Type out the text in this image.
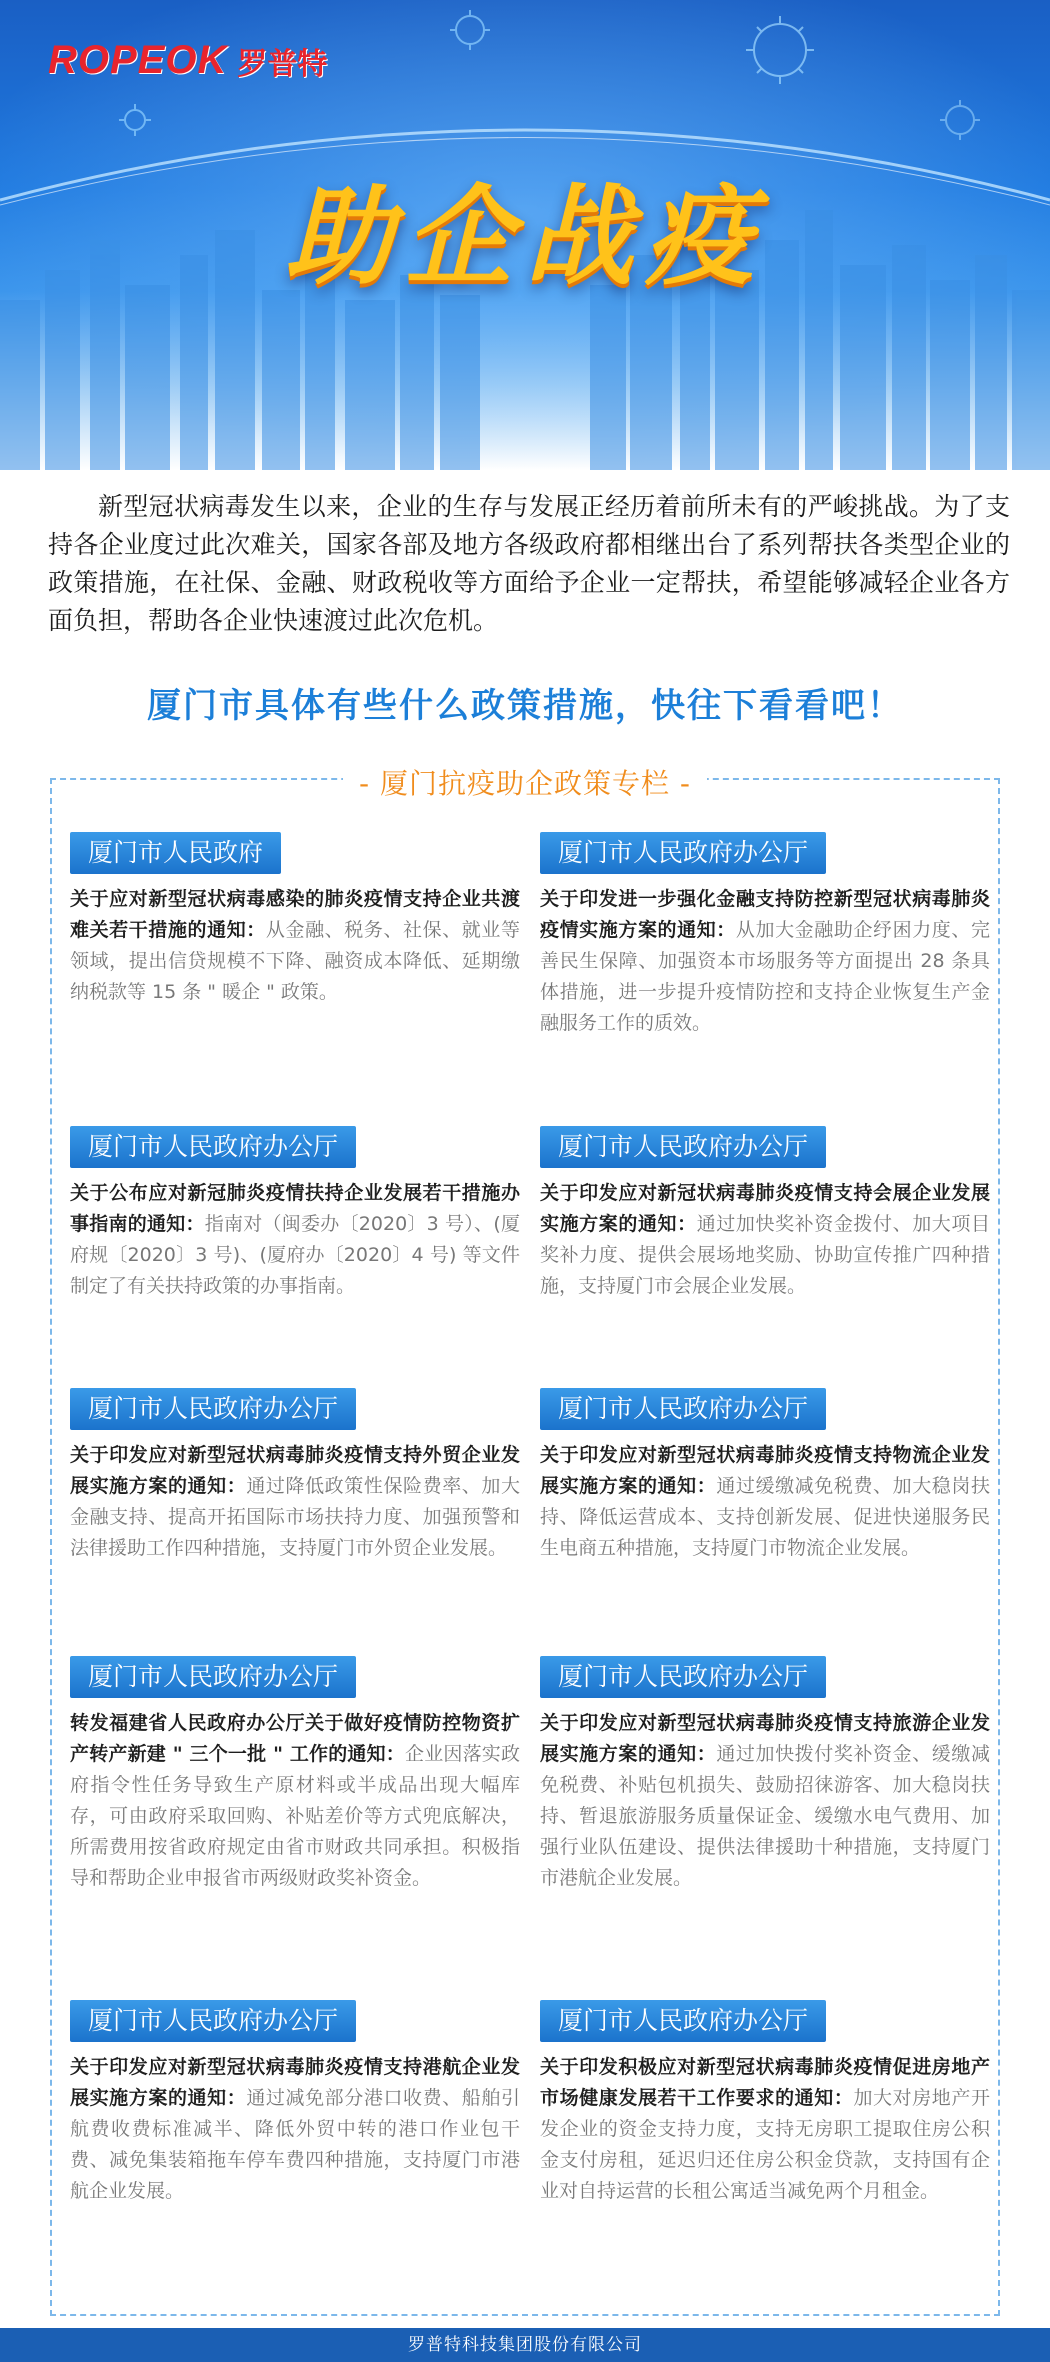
ROPEOK 罗普特
助企战疫
新型冠状病毒发生以来，企业的生存与发展正经历着前所未有的严峻挑战。为了支持各企业度过此次难关，国家各部及地方各级政府都相继出台了系列帮扶各类型企业的政策措施，在社保、金融、财政税收等方面给予企业一定帮扶，希望能够减轻企业各方面负担，帮助各企业快速渡过此次危机。
厦门市具体有些什么政策措施，快往下看看吧！
- 厦门抗疫助企政策专栏 -
厦门市人民政府
关于应对新型冠状病毒感染的肺炎疫情支持企业共渡难关若干措施的通知：从金融、税务、社保、就业等领域，提出信贷规模不下降、融资成本降低、延期缴纳税款等 15 条 " 暖企 " 政策。
厦门市人民政府办公厅
关于印发进一步强化金融支持防控新型冠状病毒肺炎疫情实施方案的通知：从加大金融助企纾困力度、完善民生保障、加强资本市场服务等方面提出 28 条具体措施，进一步提升疫情防控和支持企业恢复生产金融服务工作的质效。
厦门市人民政府办公厅
关于公布应对新冠肺炎疫情扶持企业发展若干措施办事指南的通知：指南对（闽委办〔2020〕3 号）、(厦府规〔2020〕3 号)、(厦府办〔2020〕4 号) 等文件制定了有关扶持政策的办事指南。
厦门市人民政府办公厅
关于印发应对新冠状病毒肺炎疫情支持会展企业发展实施方案的通知：通过加快奖补资金拨付、加大项目奖补力度、提供会展场地奖励、协助宣传推广四种措施，支持厦门市会展企业发展。
厦门市人民政府办公厅
关于印发应对新型冠状病毒肺炎疫情支持外贸企业发展实施方案的通知：通过降低政策性保险费率、加大金融支持、提高开拓国际市场扶持力度、加强预警和法律援助工作四种措施，支持厦门市外贸企业发展。
厦门市人民政府办公厅
关于印发应对新型冠状病毒肺炎疫情支持物流企业发展实施方案的通知：通过缓缴减免税费、加大稳岗扶持、降低运营成本、支持创新发展、促进快递服务民生电商五种措施，支持厦门市物流企业发展。
厦门市人民政府办公厅
转发福建省人民政府办公厅关于做好疫情防控物资扩产转产新建 " 三个一批 " 工作的通知：企业因落实政府指令性任务导致生产原材料或半成品出现大幅库存，可由政府采取回购、补贴差价等方式兜底解决，所需费用按省政府规定由省市财政共同承担。积极指导和帮助企业申报省市两级财政奖补资金。
厦门市人民政府办公厅
关于印发应对新型冠状病毒肺炎疫情支持旅游企业发展实施方案的通知：通过加快拨付奖补资金、缓缴减免税费、补贴包机损失、鼓励招徕游客、加大稳岗扶持、暂退旅游服务质量保证金、缓缴水电气费用、加强行业队伍建设、提供法律援助十种措施，支持厦门市港航企业发展。
厦门市人民政府办公厅
关于印发应对新型冠状病毒肺炎疫情支持港航企业发展实施方案的通知：通过减免部分港口收费、船舶引航费收费标准减半、降低外贸中转的港口作业包干费、减免集装箱拖车停车费四种措施，支持厦门市港航企业发展。
厦门市人民政府办公厅
关于印发积极应对新型冠状病毒肺炎疫情促进房地产市场健康发展若干工作要求的通知：加大对房地产开发企业的资金支持力度，支持无房职工提取住房公积金支付房租，延迟归还住房公积金贷款，支持国有企业对自持运营的长租公寓适当减免两个月租金。
罗普特科技集团股份有限公司
